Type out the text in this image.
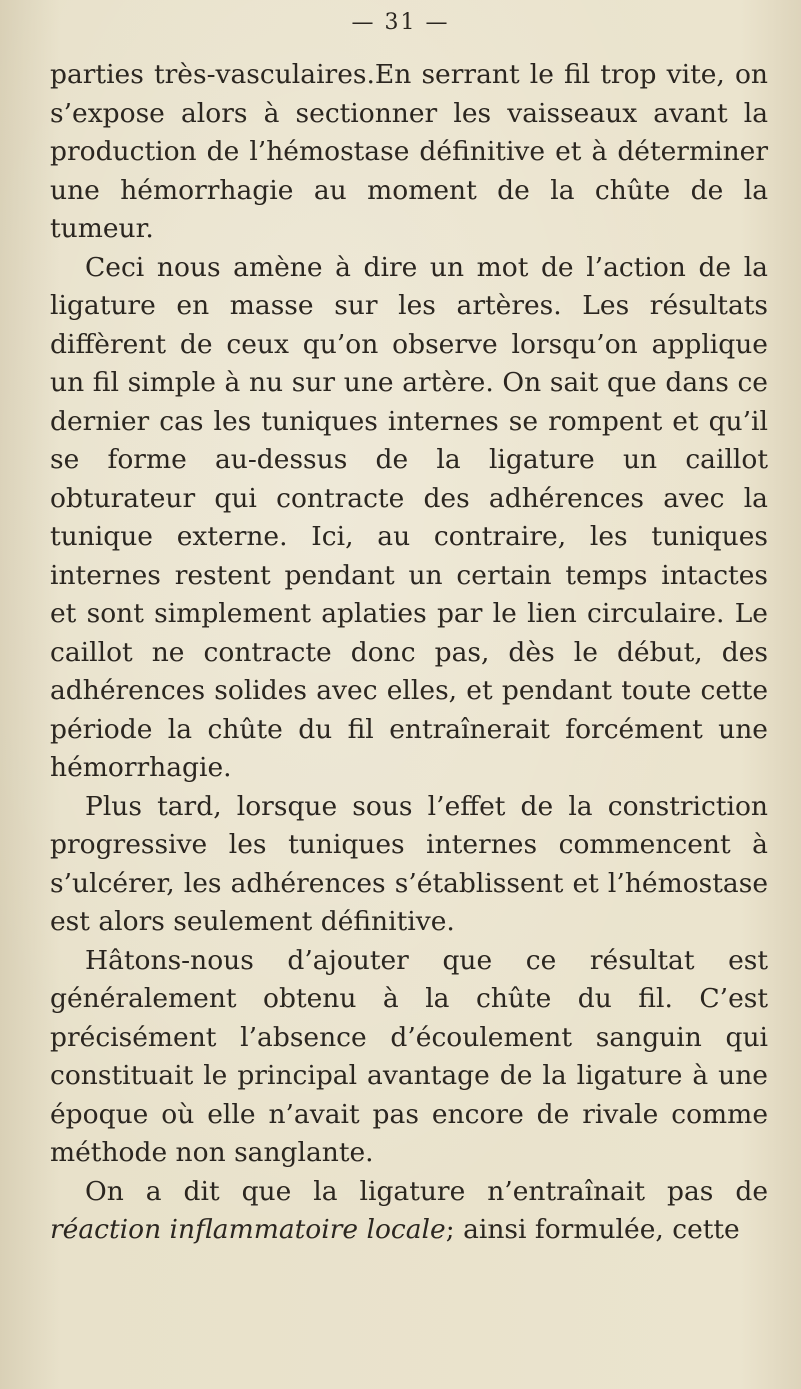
— 31 —

parties très-vasculaires.En serrant le fil trop vite, on s’expose alors à sectionner les vaisseaux avant la production de l’hémostase définitive et à déterminer une hémorrhagie au moment de la chûte de la tumeur.

Ceci nous amène à dire un mot de l’action de la ligature en masse sur les artères. Les résultats diffèrent de ceux qu’on observe lorsqu’on applique un fil simple à nu sur une artère. On sait que dans ce dernier cas les tuniques internes se rompent et qu’il se forme au-dessus de la ligature un caillot obturateur qui contracte des adhérences avec la tunique externe. Ici, au contraire, les tuniques internes restent pendant un certain temps intactes et sont simplement aplaties par le lien circulaire. Le caillot ne contracte donc pas, dès le début, des adhérences solides avec elles, et pendant toute cette période la chûte du fil entraînerait forcément une hémorrhagie.

Plus tard, lorsque sous l’effet de la constriction progressive les tuniques internes commencent à s’ulcérer, les adhérences s’établissent et l’hémostase est alors seulement définitive.

Hâtons-nous d’ajouter que ce résultat est généralement obtenu à la chûte du fil. C’est précisément l’absence d’écoulement sanguin qui constituait le principal avantage de la ligature à une époque où elle n’avait pas encore de rivale comme méthode non sanglante.

On a dit que la ligature n’entraînait pas de réaction inflammatoire locale; ainsi formulée, cette
